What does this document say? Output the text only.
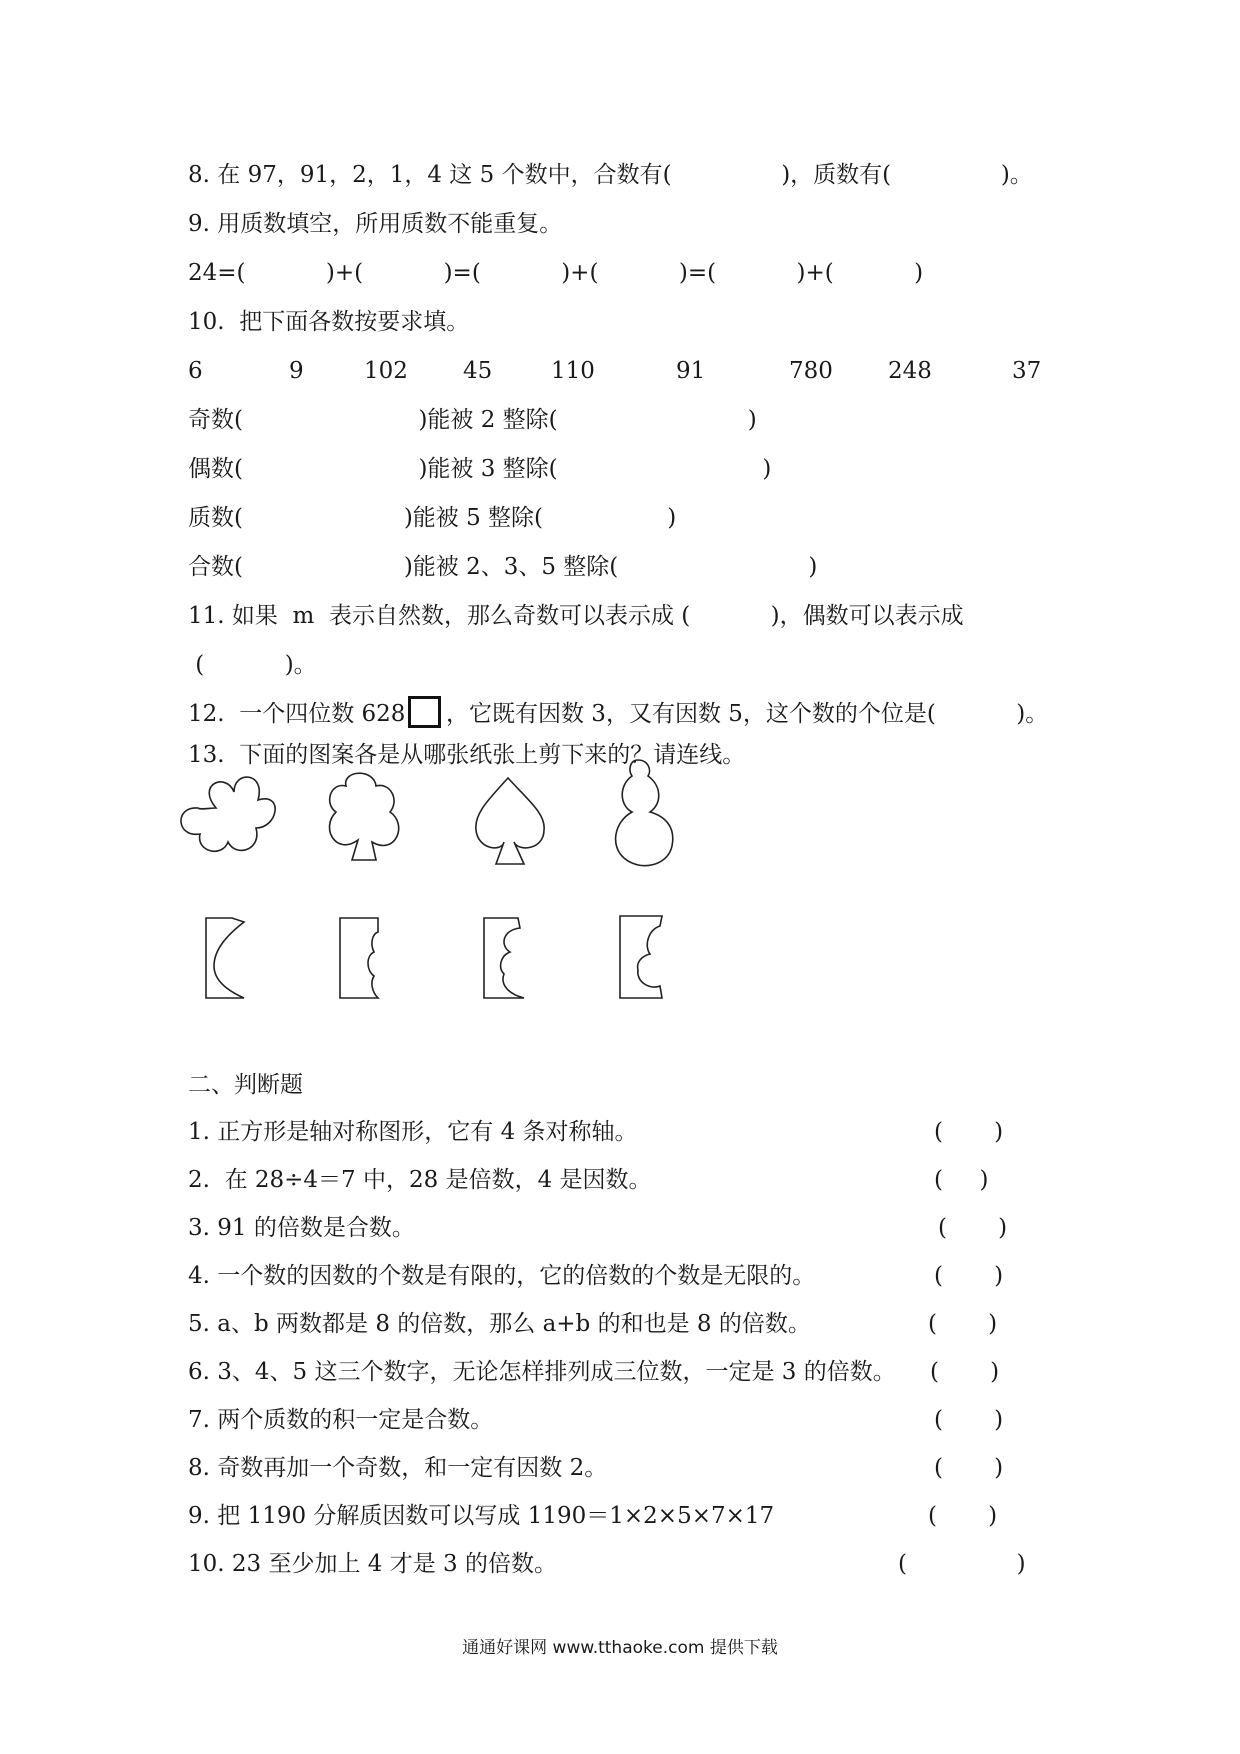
8. 在 97，91，2，1，4 这 5 个数中，合数有(               )，质数有(               )。
9. 用质数填空，所用质数不能重复。
24=(           )+(           )=(           )+(           )=(           )+(           )
10.  把下面各数按要求填。
6	9	102 45	110	91	780 248	37
奇数(                        )能被 2 整除(                          )
偶数(                        )能被 3 整除(                            )
质数(                      )能被 5 整除(                 )
合数(                      )能被 2、3、5 整除(                          )
11. 如果  m  表示自然数，那么奇数可以表示成 (           )，偶数可以表示成
(           )。
12.  一个四位数 628 ，它既有因数 3，又有因数 5，这个数的个位是(           )。
13.  下面的图案各是从哪张纸张上剪下来的？请连线。
二、判断题
1. 正方形是轴对称图形，它有 4 条对称轴。	(       )
2.  在 28÷4＝7 中，28 是倍数，4 是因数。	(     )
3. 91 的倍数是合数。	(       )
4. 一个数的因数的个数是有限的，它的倍数的个数是无限的。	(       )
5. a、b 两数都是 8 的倍数，那么 a+b 的和也是 8 的倍数。	(       )
6. 3、4、5 这三个数字，无论怎样排列成三位数，一定是 3 的倍数。 (       )
7. 两个质数的积一定是合数。	(       )
8. 奇数再加一个奇数，和一定有因数 2。	(       )
9. 把 1190 分解质因数可以写成 1190＝1×2×5×7×17	(       )
10. 23 至少加上 4 才是 3 的倍数。	(               )
通通好课网 www.tthaoke.com 提供下载
